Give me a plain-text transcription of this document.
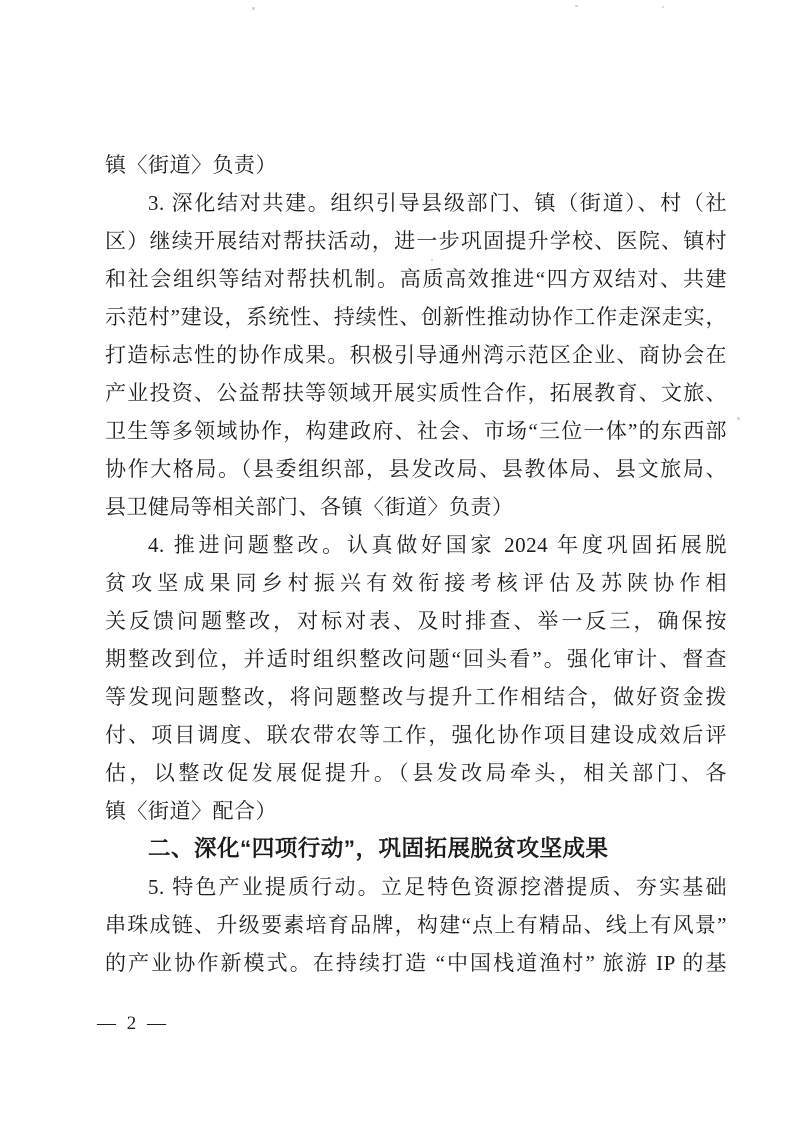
镇〈街道〉负责）
3. 深化结对共建。组织引导县级部门、镇（街道）、村（社
区）继续开展结对帮扶活动，进一步巩固提升学校、医院、镇村
和社会组织等结对帮扶机制。高质高效推进“四方双结对、共建
示范村”建设，系统性、持续性、创新性推动协作工作走深走实，
打造标志性的协作成果。积极引导通州湾示范区企业、商协会在
产业投资、公益帮扶等领域开展实质性合作，拓展教育、文旅、
卫生等多领域协作，构建政府、社会、市场“三位一体”的东西部
协作大格局。（县委组织部，县发改局、县教体局、县文旅局、
县卫健局等相关部门、各镇〈街道〉负责）
4. 推进问题整改。认真做好国家 2024 年度巩固拓展脱
贫攻坚成果同乡村振兴有效衔接考核评估及苏陕协作相
关反馈问题整改，对标对表、及时排查、举一反三，确保按
期整改到位，并适时组织整改问题“回头看”。强化审计、督查
等发现问题整改，将问题整改与提升工作相结合，做好资金拨
付、项目调度、联农带农等工作，强化协作项目建设成效后评
估，以整改促发展促提升。（县发改局牵头，相关部门、各
镇〈街道〉配合）
二、深化“四项行动”，巩固拓展脱贫攻坚成果
5. 特色产业提质行动。立足特色资源挖潜提质、夯实基础
串珠成链、升级要素培育品牌，构建“点上有精品、线上有风景”
的产业协作新模式。在持续打造 “中国栈道渔村” 旅游 IP 的基
— 2 —
